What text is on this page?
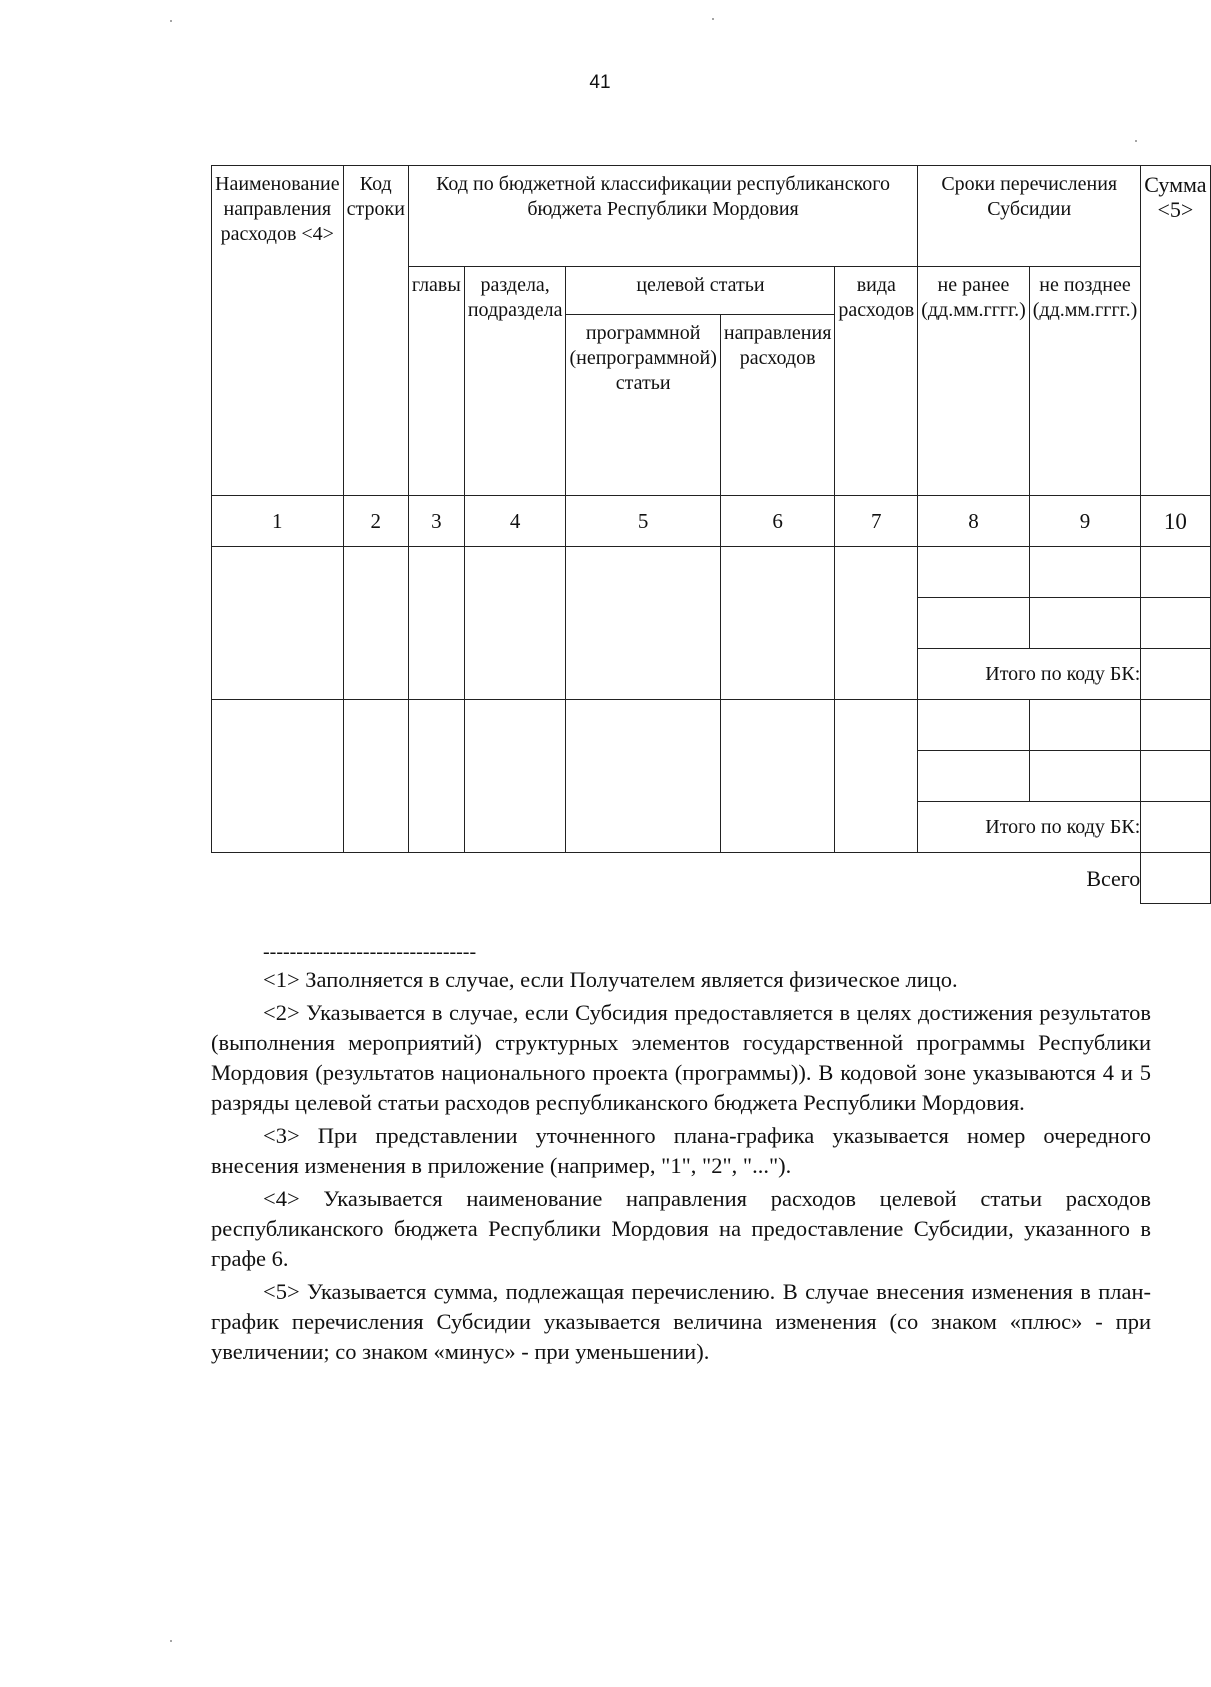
41
Наименование направления расходов <4>	Код строки	Код по бюджетной классификации республиканского бюджета Республики Мордовия					Сроки перечисления Субсидии		Сумма <5>
		главы	раздела, подраздела	целевой статьи		вида расходов	не ранее (дд.мм.гггг.)	не позднее (дд.мм.гггг.)	
				программной (непрограммной) статьи	направления расходов				
1	2	3	4	5	6	7	8	9	10

							Итого по коду БК:		

							Итого по коду БК:		
Всего									
--------------------------------

<1> Заполняется в случае, если Получателем является физическое лицо.

<2> Указывается в случае, если Субсидия предоставляется в целях достижения результатов (выполнения мероприятий) структурных элементов государственной программы Республики Мордовия (результатов национального проекта (программы)). В кодовой зоне указываются 4 и 5 разряды целевой статьи расходов республиканского бюджета Республики Мордовия.

<3> При представлении уточненного плана-графика указывается номер очередного внесения изменения в приложение (например, "1", "2", "...").

<4> Указывается наименование направления расходов целевой статьи расходов республиканского бюджета Республики Мордовия на предоставление Субсидии, указанного в графе 6.

<5> Указывается сумма, подлежащая перечислению. В случае внесения изменения в план-график перечисления Субсидии указывается величина изменения (со знаком «плюс» - при увеличении; со знаком «минус» - при уменьшении).
